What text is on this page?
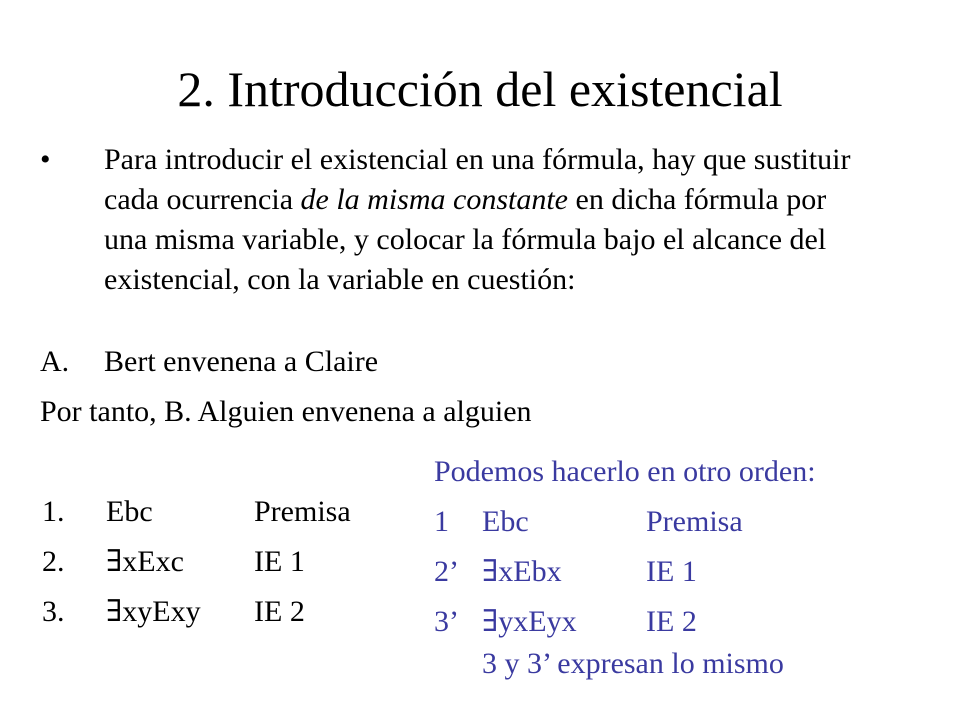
2. Introducción del existencial
• Para introducir el existencial en una fórmula, hay que sustituir cada ocurrencia de la misma constante en dicha fórmula por una misma variable, y colocar la fórmula bajo el alcance del existencial, con la variable en cuestión:
A. Bert envenena a Claire
Por tanto, B. Alguien envenena a alguien
1. Ebc	Premisa
2. ∃xExc IE 1
3. ∃xyExy IE 2
Podemos hacerlo en otro orden:
1 Ebc	Premisa
2’ ∃xEbx	IE 1
3’ ∃yxEyx IE 2
3 y 3’ expresan lo mismo
